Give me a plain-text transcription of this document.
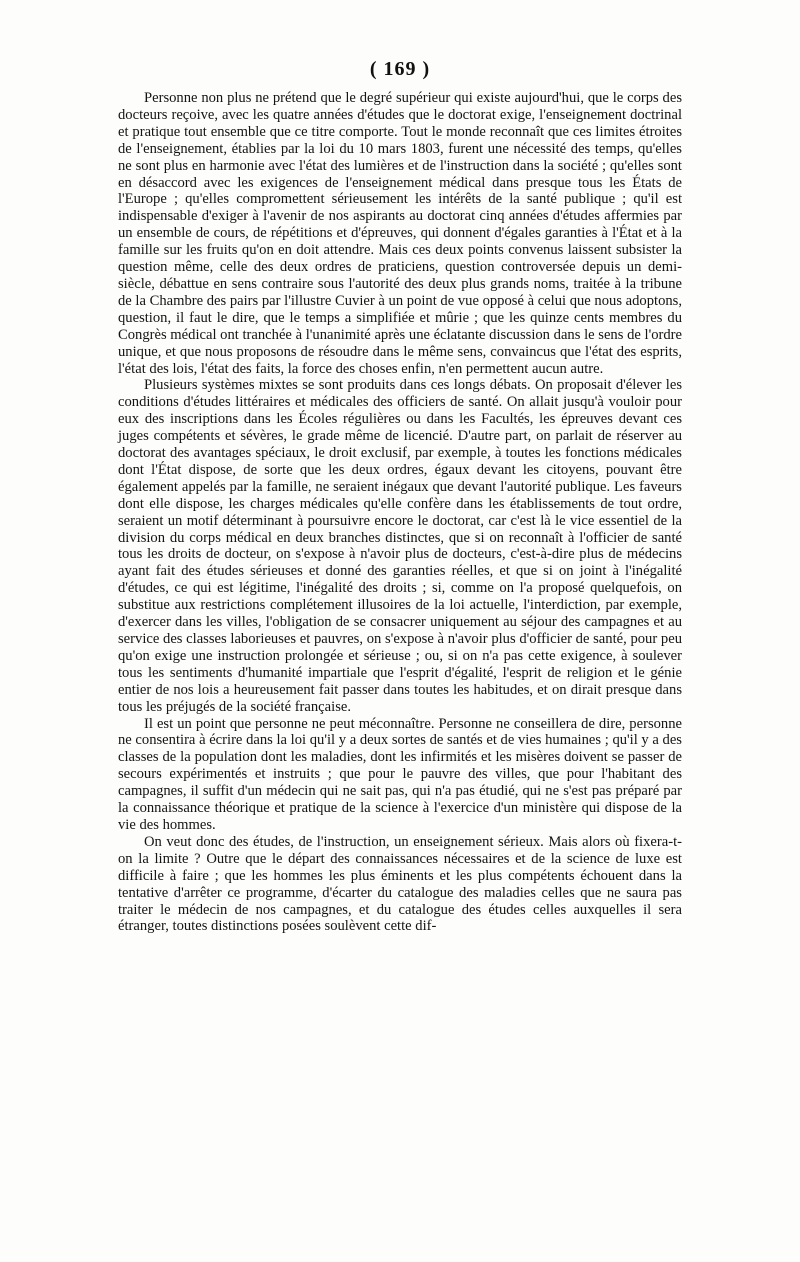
( 169 )

Personne non plus ne prétend que le degré supérieur qui existe aujourd'hui, que le corps des docteurs reçoive, avec les quatre années d'études que le doctorat exige, l'enseignement doctrinal et pratique tout ensemble que ce titre comporte. Tout le monde reconnaît que ces limites étroites de l'enseignement, établies par la loi du 10 mars 1803, furent une nécessité des temps, qu'elles ne sont plus en harmonie avec l'état des lumières et de l'instruction dans la société ; qu'elles sont en désaccord avec les exigences de l'enseignement médical dans presque tous les États de l'Europe ; qu'elles compromettent sérieusement les intérêts de la santé publique ; qu'il est indispensable d'exiger à l'avenir de nos aspirants au doctorat cinq années d'études affermies par un ensemble de cours, de répétitions et d'épreuves, qui donnent d'égales garanties à l'État et à la famille sur les fruits qu'on en doit attendre. Mais ces deux points convenus laissent subsister la question même, celle des deux ordres de praticiens, question controversée depuis un demi-siècle, débattue en sens contraire sous l'autorité des deux plus grands noms, traitée à la tribune de la Chambre des pairs par l'illustre Cuvier à un point de vue opposé à celui que nous adoptons, question, il faut le dire, que le temps a simplifiée et mûrie ; que les quinze cents membres du Congrès médical ont tranchée à l'unanimité après une éclatante discussion dans le sens de l'ordre unique, et que nous proposons de résoudre dans le même sens, convaincus que l'état des esprits, l'état des lois, l'état des faits, la force des choses enfin, n'en permettent aucun autre.

Plusieurs systèmes mixtes se sont produits dans ces longs débats. On proposait d'élever les conditions d'études littéraires et médicales des officiers de santé. On allait jusqu'à vouloir pour eux des inscriptions dans les Écoles régulières ou dans les Facultés, les épreuves devant ces juges compétents et sévères, le grade même de licencié. D'autre part, on parlait de réserver au doctorat des avantages spéciaux, le droit exclusif, par exemple, à toutes les fonctions médicales dont l'État dispose, de sorte que les deux ordres, égaux devant les citoyens, pouvant être également appelés par la famille, ne seraient inégaux que devant l'autorité publique. Les faveurs dont elle dispose, les charges médicales qu'elle confère dans les établissements de tout ordre, seraient un motif déterminant à poursuivre encore le doctorat, car c'est là le vice essentiel de la division du corps médical en deux branches distinctes, que si on reconnaît à l'officier de santé tous les droits de docteur, on s'expose à n'avoir plus de docteurs, c'est-à-dire plus de médecins ayant fait des études sérieuses et donné des garanties réelles, et que si on joint à l'inégalité d'études, ce qui est légitime, l'inégalité des droits ; si, comme on l'a proposé quelquefois, on substitue aux restrictions complétement illusoires de la loi actuelle, l'interdiction, par exemple, d'exercer dans les villes, l'obligation de se consacrer uniquement au séjour des campagnes et au service des classes laborieuses et pauvres, on s'expose à n'avoir plus d'officier de santé, pour peu qu'on exige une instruction prolongée et sérieuse ; ou, si on n'a pas cette exigence, à soulever tous les sentiments d'humanité impartiale que l'esprit d'égalité, l'esprit de religion et le génie entier de nos lois a heureusement fait passer dans toutes les habitudes, et on dirait presque dans tous les préjugés de la société française.

Il est un point que personne ne peut méconnaître. Personne ne conseillera de dire, personne ne consentira à écrire dans la loi qu'il y a deux sortes de santés et de vies humaines ; qu'il y a des classes de la population dont les maladies, dont les infirmités et les misères doivent se passer de secours expérimentés et instruits ; que pour le pauvre des villes, que pour l'habitant des campagnes, il suffit d'un médecin qui ne sait pas, qui n'a pas étudié, qui ne s'est pas préparé par la connaissance théorique et pratique de la science à l'exercice d'un ministère qui dispose de la vie des hommes.

On veut donc des études, de l'instruction, un enseignement sérieux. Mais alors où fixera-t-on la limite ? Outre que le départ des connaissances nécessaires et de la science de luxe est difficile à faire ; que les hommes les plus éminents et les plus compétents échouent dans la tentative d'arrêter ce programme, d'écarter du catalogue des maladies celles que ne saura pas traiter le médecin de nos campagnes, et du catalogue des études celles auxquelles il sera étranger, toutes distinctions posées soulèvent cette dif-
